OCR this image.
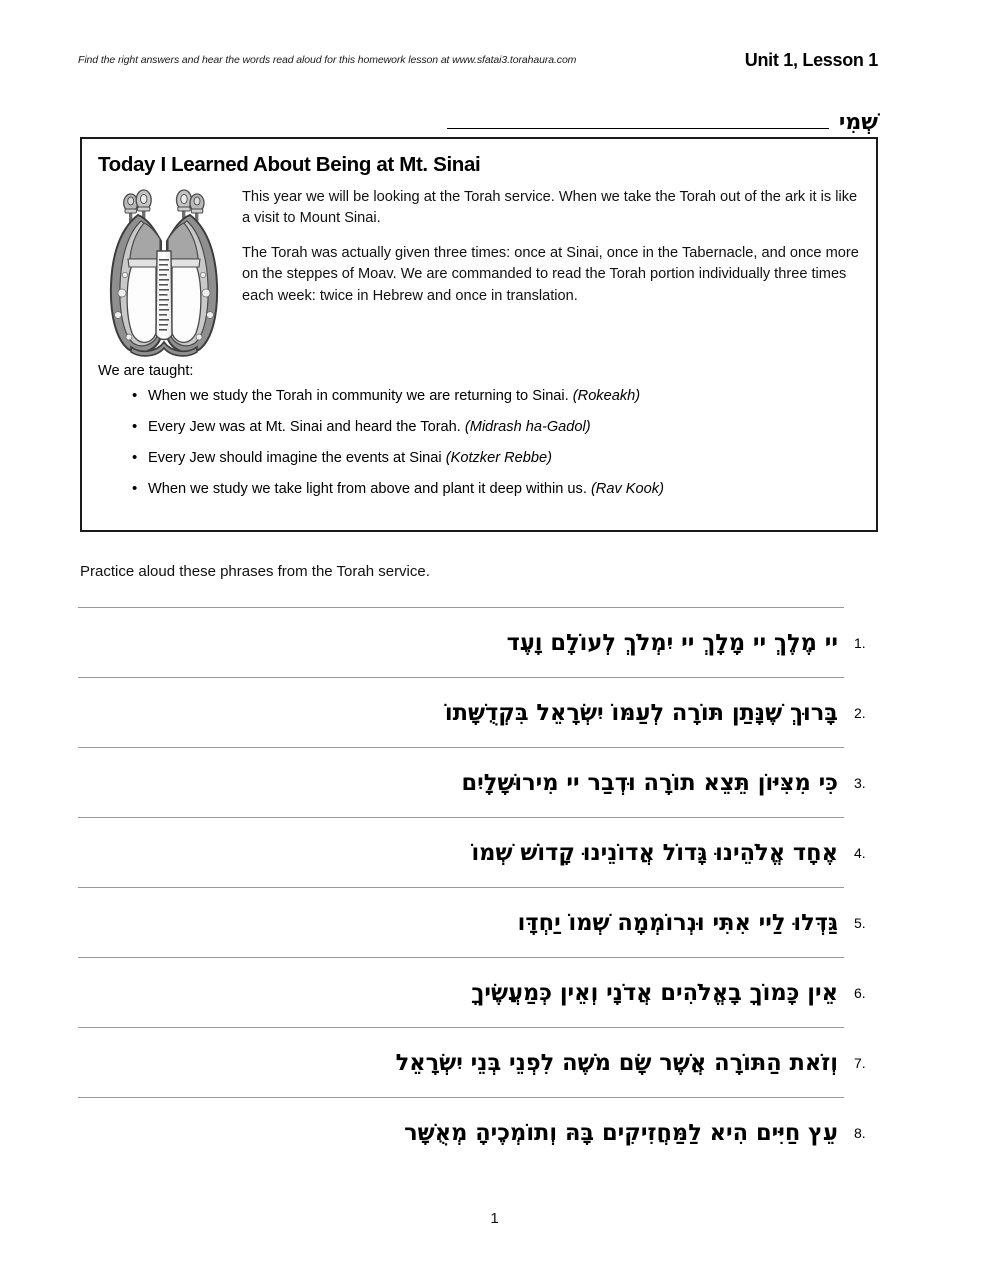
Find the right answers and hear the words read aloud for this homework lesson at www.sfatai3.torahaura.com	Unit 1, Lesson 1
שְׁמִי
Today I Learned About Being at Mt. Sinai

This year we will be looking at the Torah service. When we take the Torah out of the ark it is like a visit to Mount Sinai.

The Torah was actually given three times: once at Sinai, once in the Tabernacle, and once more on the steppes of Moav. We are commanded to read the Torah portion individually three times each week: twice in Hebrew and once in translation.

We are taught:
• When we study the Torah in community we are returning to Sinai. (Rokeakh)
• Every Jew was at Mt. Sinai and heard the Torah. (Midrash ha-Gadol)
• Every Jew should imagine the events at Sinai (Kotzker Rebbe)
• When we study we take light from above and plant it deep within us. (Rav Kook)
Practice aloud these phrases from the Torah service.
יי מֶלֶךְ יי מָלָךְ יי יִמְלֹךְ לְעוֹלָם וָעֶד	.1
בָּרוּךְ שֶׁנָּתַן תּוֹרָה לְעַמּוֹ יִשְׂרָאֵל בִּקְדֻשָּׁתוֹ	.2
כִּי מִצִּיּוֹן תֵּצֵא תוֹרָה וּדְבַר יי מִירוּשָׁלָיִם	.3
אֶחָד אֱלֹהֵינוּ גָּדוֹל אֲדוֹנֵינוּ קָדוֹשׁ שְׁמוֹ	.4
גַּדְּלוּ לַיי אִתִּי וּנְרוֹמְמָה שְׁמוֹ יַחְדָּו	.5
אֵין כָּמוֹךָ בָאֱלֹהִים אֲדֹנָי וְאֵין כְּמַעֲשֶׂיךָ	.6
וְזֹאת הַתּוֹרָה אֲשֶׁר שָׂם מֹשֶׁה לִפְנֵי בְּנֵי יִשְׂרָאֵל	.7
עֵץ חַיִּים הִיא לַמַּחֲזִיקִים בָּהּ וְתוֹמְכֶיהָ מְאֻשָּׁר	.8
1
